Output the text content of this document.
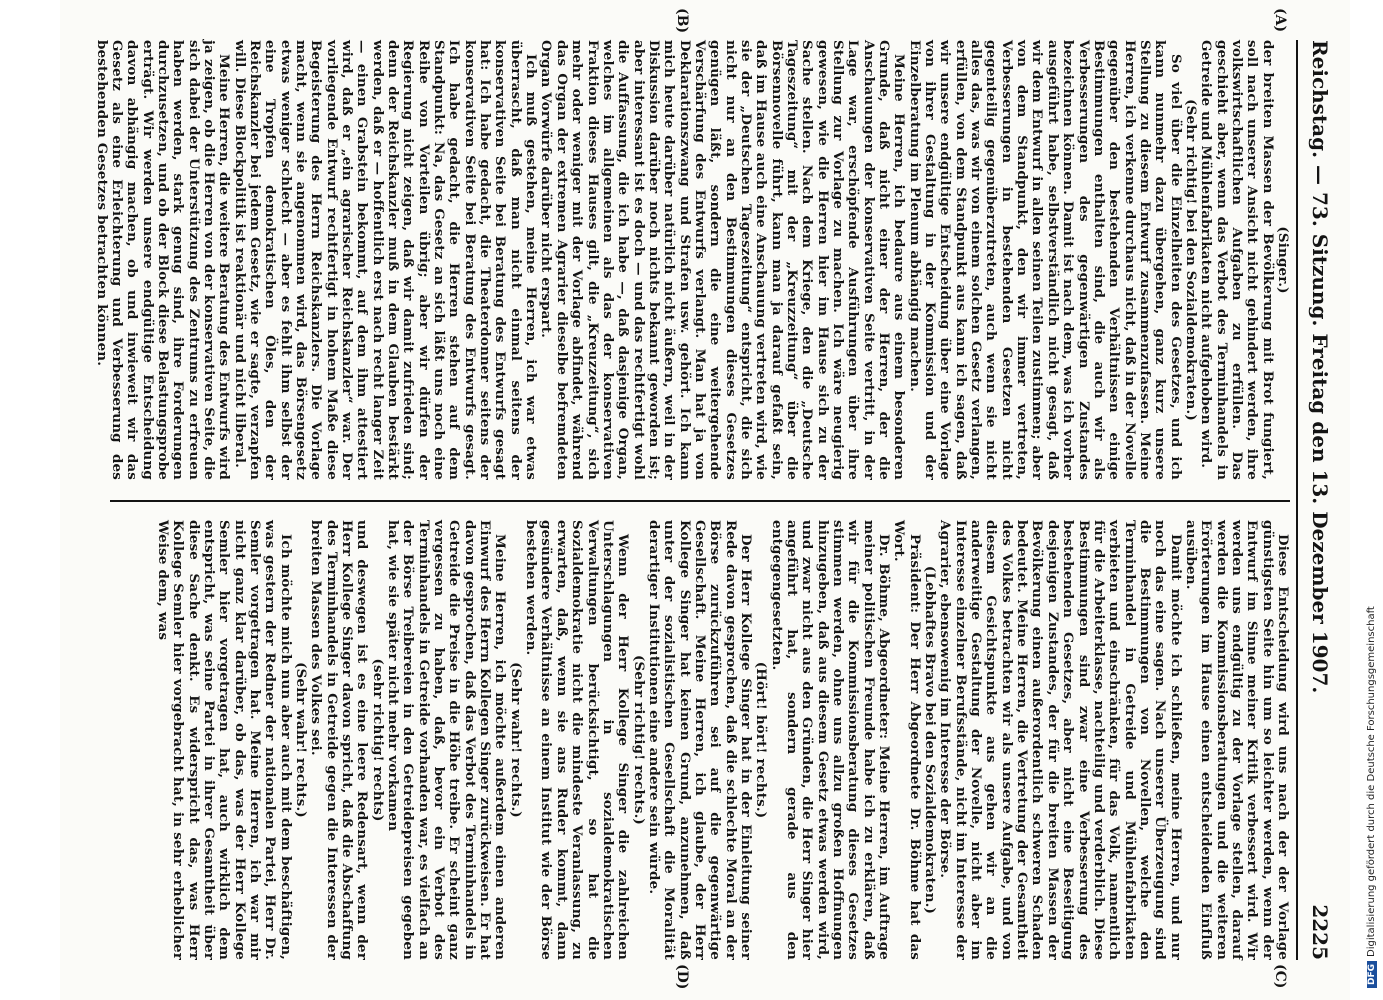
Reichstag. — 73. Sitzung. Freitag den 13. Dezember 1907.
2225
(A)
(B)
(C)
(D)

(Singer.)

der breiten Massen der Bevölkerung mit Brot fungiert, soll nach unserer Ansicht nicht gehindert werden, ihre volkswirtschaftlichen Aufgaben zu erfüllen. Das geschieht aber, wenn das Verbot des Terminhandels in Getreide und Mühlenfabrikaten nicht aufgehoben wird.

(Sehr richtig! bei den Sozialdemokraten.)

So viel über die Einzelheiten des Gesetzes, und ich kann nunmehr dazu übergehen, ganz kurz unsere Stellung zu diesem Entwurf zusammenzufassen. Meine Herren, ich verkenne durchaus nicht, daß in der Novelle gegenüber den bestehenden Verhältnissen einige Bestimmungen enthalten sind, die auch wir als Verbesserungen des gegenwärtigen Zustandes bezeichnen können. Damit ist nach dem, was ich vorher ausgeführt habe, selbstverständlich nicht gesagt, daß wir dem Entwurf in allen seinen Teilen zustimmen; aber von dem Standpunkt, den wir immer vertreten, Verbesserungen in bestehenden Gesetzen nicht gegenteilig gegenüberzutreten, auch wenn sie nicht alles das, was wir von einem solchen Gesetz verlangen, erfüllen, von dem Standpunkt aus kann ich sagen, daß wir unsere endgültige Entscheidung über eine Vorlage von ihrer Gestaltung in der Kommission und der Einzelberatung im Plenum abhängig machen.

Meine Herren, ich bedaure aus einem besonderen Grunde, daß nicht einer der Herren, der die Anschauungen der konservativen Seite vertritt, in der Lage war, erschöpfende Ausführungen über ihre Stellung zur Vorlage zu machen. Ich wäre neugierig gewesen, wie die Herren hier im Hause sich zu der Sache stellen. Nach dem Kriege, den die „Deutsche Tageszeitung“ mit der „Kreuzzeitung“ über die Börsennovelle führt, kann man ja darauf gefaßt sein, daß im Hause auch eine Anschauung vertreten wird, wie sie der „Deutschen Tageszeitung“ entspricht, die sich nicht nur an den Bestimmungen dieses Gesetzes genügen läßt, sondern die eine weitergehende Verschärfung des Entwurfs verlangt. Man hat ja von Deklarationszwang und Strafen usw. gehört. Ich kann mich heute darüber natürlich nicht äußern, weil in der Diskussion darüber noch nichts bekannt geworden ist; aber interessant ist es doch — und das rechtfertigt wohl die Auffassung, die ich habe —, daß dasjenige Organ, welches im allgemeinen als das der konservativen Fraktion dieses Hauses gilt, die „Kreuzzeitung“, sich mehr oder weniger mit der Vorlage abfindet, während das Organ der extremen Agrarier dieselbe befremdeten Organ Vorwürfe darüber nicht erspart.

Ich muß gestehen, meine Herren, ich war etwas überrascht, daß man nicht einmal seitens der konservativen Seite bei Beratung des Entwurfs gesagt hat: Ich habe gedacht, die Theaterdonner seitens der konservativen Seite bei Beratung des Entwurfs gesagt. Ich habe gedacht, die Herren stehen auf dem Standpunkt: Na, das Gesetz an sich läßt uns noch eine Reihe von Vorteilen übrig; aber wir dürfen der Regierung nicht zeigen, daß wir damit zufrieden sind; denn der Reichskanzler muß in dem Glauben bestärkt werden, daß er — hoffentlich erst nach recht langer Zeit — einen Grabstein bekommt, auf dem ihm attestiert wird, daß er „ein agrarischer Reichskanzler“ war. Der vorliegende Entwurf rechtfertigt in hohem Maße diese Begeisterung des Herrn Reichskanzlers. Die Vorlage macht, wenn sie angenommen wird, das Börsengesetz etwas weniger schlecht — aber es fehlt ihm selbst der eine Tropfen demokratischen Öles, den der Reichskanzler bei jedem Gesetz, wie er sagte, verzapfen will. Diese Blockpolitik ist reaktionär und nicht liberal.

Meine Herren, die weitere Beratung des Entwurfs wird ja zeigen, ob die Herren von der konservativen Seite, die sich dabei der Unterstützung des Zentrums zu erfreuen haben werden, stark genug sind, ihre Forderungen durchzusetzen, und ob der Block diese Belastungsprobe erträgt. Wir werden unsere endgültige Entscheidung davon abhängig machen, ob und inwieweit wir das Gesetz als eine Erleichterung und Verbesserung des bestehenden Gesetzes betrachten können.

Diese Entscheidung wird uns nach der der Vorlage günstigsten Seite hin um so leichter werden, wenn der Entwurf im Sinne meiner Kritik verbessert wird. Wir werden uns endgültig zu der Vorlage stellen, darauf werden die Kommissionsberatungen und die weiteren Erörterungen im Hause einen entscheidenden Einfluß ausüben.

Damit möchte ich schließen, meine Herren, und nur noch das eine sagen. Nach unserer Überzeugung sind die Bestimmungen von Novellen, welche den Terminhandel in Getreide und Mühlenfabrikaten verbieten und einschränken, für das Volk, namentlich für die Arbeiterklasse, nachteilig und verderblich. Diese Bestimmungen sind zwar eine Verbesserung des bestehenden Gesetzes, aber nicht eine Beseitigung desjenigen Zustandes, der für die breiten Massen der Bevölkerung einen außerordentlich schweren Schaden bedeutet. Meine Herren, die Vertretung der Gesamtheit des Volkes betrachten wir als unsere Aufgabe, und von diesem Gesichtspunkte aus gehen wir an die anderweitige Gestaltung der Novelle, nicht aber im Interesse einzelner Berufsstände, nicht im Interesse der Agrarier, ebensowenig im Interesse der Börse.

(Lebhaftes Bravo bei den Sozialdemokraten.)

Präsident: Der Herr Abgeordnete Dr. Böhme hat das Wort.

Dr. Böhme, Abgeordneter: Meine Herren, im Auftrage meiner politischen Freunde habe ich zu erklären, daß wir für die Kommissionsberatung dieses Gesetzes stimmen werden, ohne uns allzu großen Hoffnungen hinzugeben, daß aus diesem Gesetz etwas werden wird, und zwar nicht aus den Gründen, die Herr Singer hier angeführt hat, sondern gerade aus den entgegengesetzten.

(Hört! hört! rechts.)

Der Herr Kollege Singer hat in der Einleitung seiner Rede davon gesprochen, daß die schlechte Moral an der Börse zurückzuführen sei auf die gegenwärtige Gesellschaft. Meine Herren, ich glaube, der Herr Kollege Singer hat keinen Grund, anzunehmen, daß unter der sozialistischen Gesellschaft die Moralität derartiger Institutionen eine andere sein würde.

(Sehr richtig! rechts.)

Wenn der Herr Kollege Singer die zahlreichen Unterschlagungen in sozialdemokratischen Verwaltungen berücksichtigt, so hat die Sozialdemokratie nicht die mindeste Veranlassung, zu erwarten, daß, wenn sie ans Ruder kommt, dann gesündere Verhältnisse an einem Institut wie der Börse bestehen werden.

(Sehr wahr! rechts.)

Meine Herren, ich möchte außerdem einen anderen Einwurf des Herrn Kollegen Singer zurückweisen. Er hat davon gesprochen, daß das Verbot des Terminhandels in Getreide die Preise in die Höhe treibe. Er scheint ganz vergessen zu haben, daß, bevor ein Verbot des Terminhandels in Getreide vorhanden war, es vielfach an der Börse Treibereien in den Getreidepreisen gegeben hat, wie sie später nicht mehr vorkamen

(sehr richtig! rechts)

und deswegen ist es eine leere Redensart, wenn der Herr Kollege Singer davon spricht, daß die Abschaffung des Terminhandels in Getreide gegen die Interessen der breiten Massen des Volkes sei.

(Sehr wahr! rechts.)

Ich möchte mich nun aber auch mit dem beschäftigen, was gestern der Redner der nationalen Partei, Herr Dr. Semler vorgetragen hat. Meine Herren, ich war mir nicht ganz klar darüber, ob das, was der Herr Kollege Semler hier vorgetragen hat, auch wirklich dem entspricht, was seine Partei in ihrer Gesamtheit über diese Sache denkt. Es widerspricht das, was Herr Kollege Semler hier vorgebracht hat, in sehr erheblicher Weise dem, was

DFGDigitalisierung gefördert durch die Deutsche Forschungsgemeinschaft
